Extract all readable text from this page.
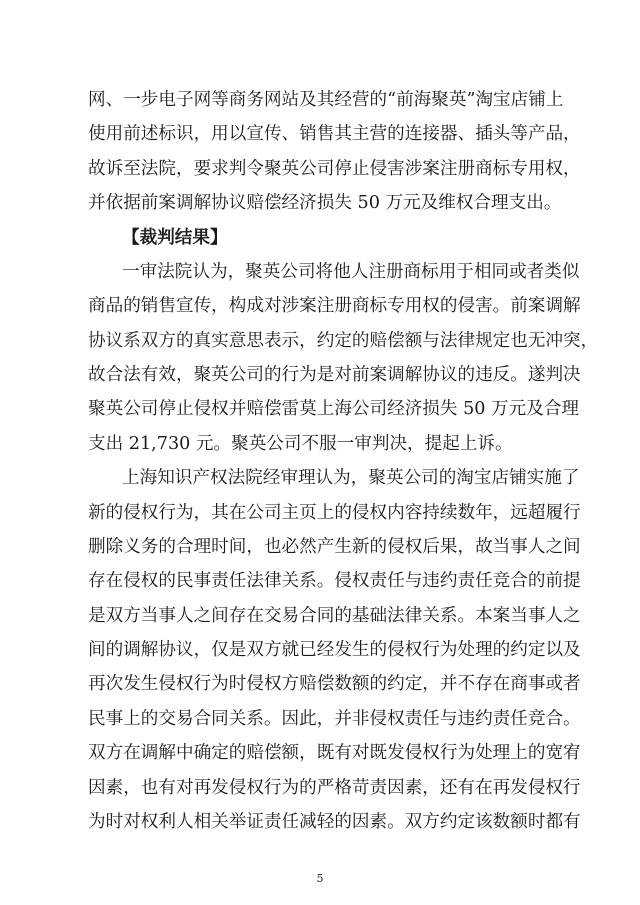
网、一步电子网等商务网站及其经营的“前海聚英”淘宝店铺上
使用前述标识，用以宣传、销售其主营的连接器、插头等产品，
故诉至法院，要求判令聚英公司停止侵害涉案注册商标专用权，
并依据前案调解协议赔偿经济损失 50 万元及维权合理支出。
【裁判结果】
一审法院认为，聚英公司将他人注册商标用于相同或者类似
商品的销售宣传，构成对涉案注册商标专用权的侵害。前案调解
协议系双方的真实意思表示，约定的赔偿额与法律规定也无冲突，
故合法有效，聚英公司的行为是对前案调解协议的违反。遂判决
聚英公司停止侵权并赔偿雷莫上海公司经济损失 50 万元及合理
支出 21,730 元。聚英公司不服一审判决，提起上诉。
上海知识产权法院经审理认为，聚英公司的淘宝店铺实施了
新的侵权行为，其在公司主页上的侵权内容持续数年，远超履行
删除义务的合理时间，也必然产生新的侵权后果，故当事人之间
存在侵权的民事责任法律关系。侵权责任与违约责任竞合的前提
是双方当事人之间存在交易合同的基础法律关系。本案当事人之
间的调解协议，仅是双方就已经发生的侵权行为处理的约定以及
再次发生侵权行为时侵权方赔偿数额的约定，并不存在商事或者
民事上的交易合同关系。因此，并非侵权责任与违约责任竞合。
双方在调解中确定的赔偿额，既有对既发侵权行为处理上的宽宥
因素，也有对再发侵权行为的严格苛责因素，还有在再发侵权行
为时对权利人相关举证责任减轻的因素。双方约定该数额时都有
5
